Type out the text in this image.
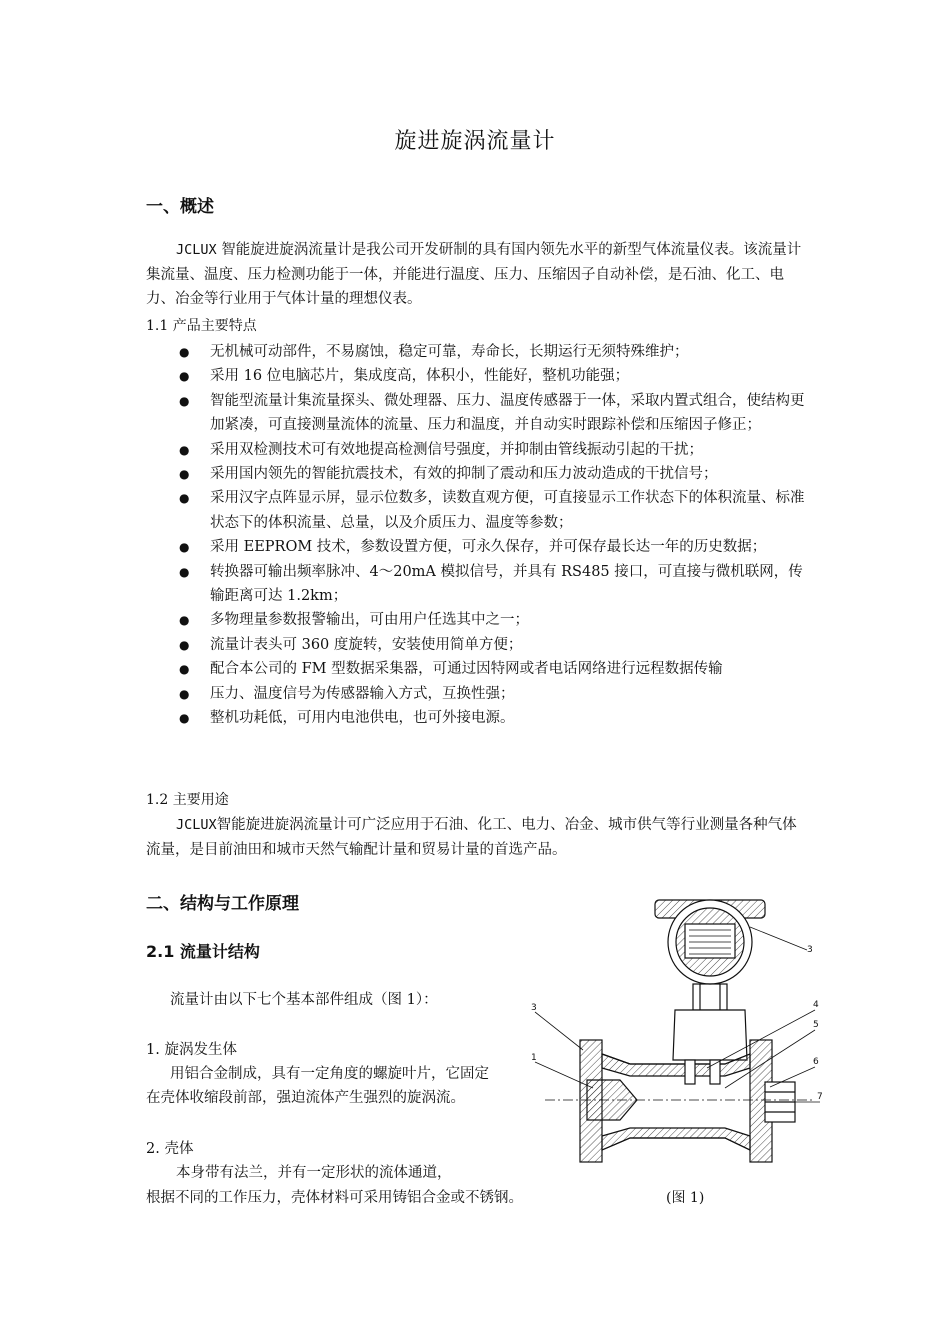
旋进旋涡流量计
一、概述
JCLUX 智能旋进旋涡流量计是我公司开发研制的具有国内领先水平的新型气体流量仪表。该流量计集流量、温度、压力检测功能于一体，并能进行温度、压力、压缩因子自动补偿，是石油、化工、电力、冶金等行业用于气体计量的理想仪表。
1.1 产品主要特点
● 无机械可动部件，不易腐蚀，稳定可靠，寿命长，长期运行无须特殊维护；
● 采用 16 位电脑芯片，集成度高，体积小，性能好，整机功能强；
● 智能型流量计集流量探头、微处理器、压力、温度传感器于一体，采取内置式组合，使结构更加紧凑，可直接测量流体的流量、压力和温度，并自动实时跟踪补偿和压缩因子修正；
● 采用双检测技术可有效地提高检测信号强度，并抑制由管线振动引起的干扰；
● 采用国内领先的智能抗震技术，有效的抑制了震动和压力波动造成的干扰信号；
● 采用汉字点阵显示屏，显示位数多，读数直观方便，可直接显示工作状态下的体积流量、标准状态下的体积流量、总量，以及介质压力、温度等参数；
● 采用 EEPROM 技术，参数设置方便，可永久保存，并可保存最长达一年的历史数据；
● 转换器可输出频率脉冲、4～20mA 模拟信号，并具有 RS485 接口，可直接与微机联网，传输距离可达 1.2km；
● 多物理量参数报警输出，可由用户任选其中之一；
● 流量计表头可 360 度旋转，安装使用简单方便；
● 配合本公司的 FM 型数据采集器，可通过因特网或者电话网络进行远程数据传输
● 压力、温度信号为传感器输入方式，互换性强；
● 整机功耗低，可用内电池供电，也可外接电源。
1.2 主要用途
JCLUX智能旋进旋涡流量计可广泛应用于石油、化工、电力、冶金、城市供气等行业测量各种气体流量，是目前油田和城市天然气输配计量和贸易计量的首选产品。
二、结构与工作原理
2.1 流量计结构
流量计由以下七个基本部件组成（图 1）：
1. 旋涡发生体
用铝合金制成，具有一定角度的螺旋叶片，它固定在壳体收缩段前部，强迫流体产生强烈的旋涡流。
2. 壳体
本身带有法兰，并有一定形状的流体通道，
根据不同的工作压力，壳体材料可采用铸铝合金或不锈钢。
3
1
3
4
5
6
7
(图 1)
